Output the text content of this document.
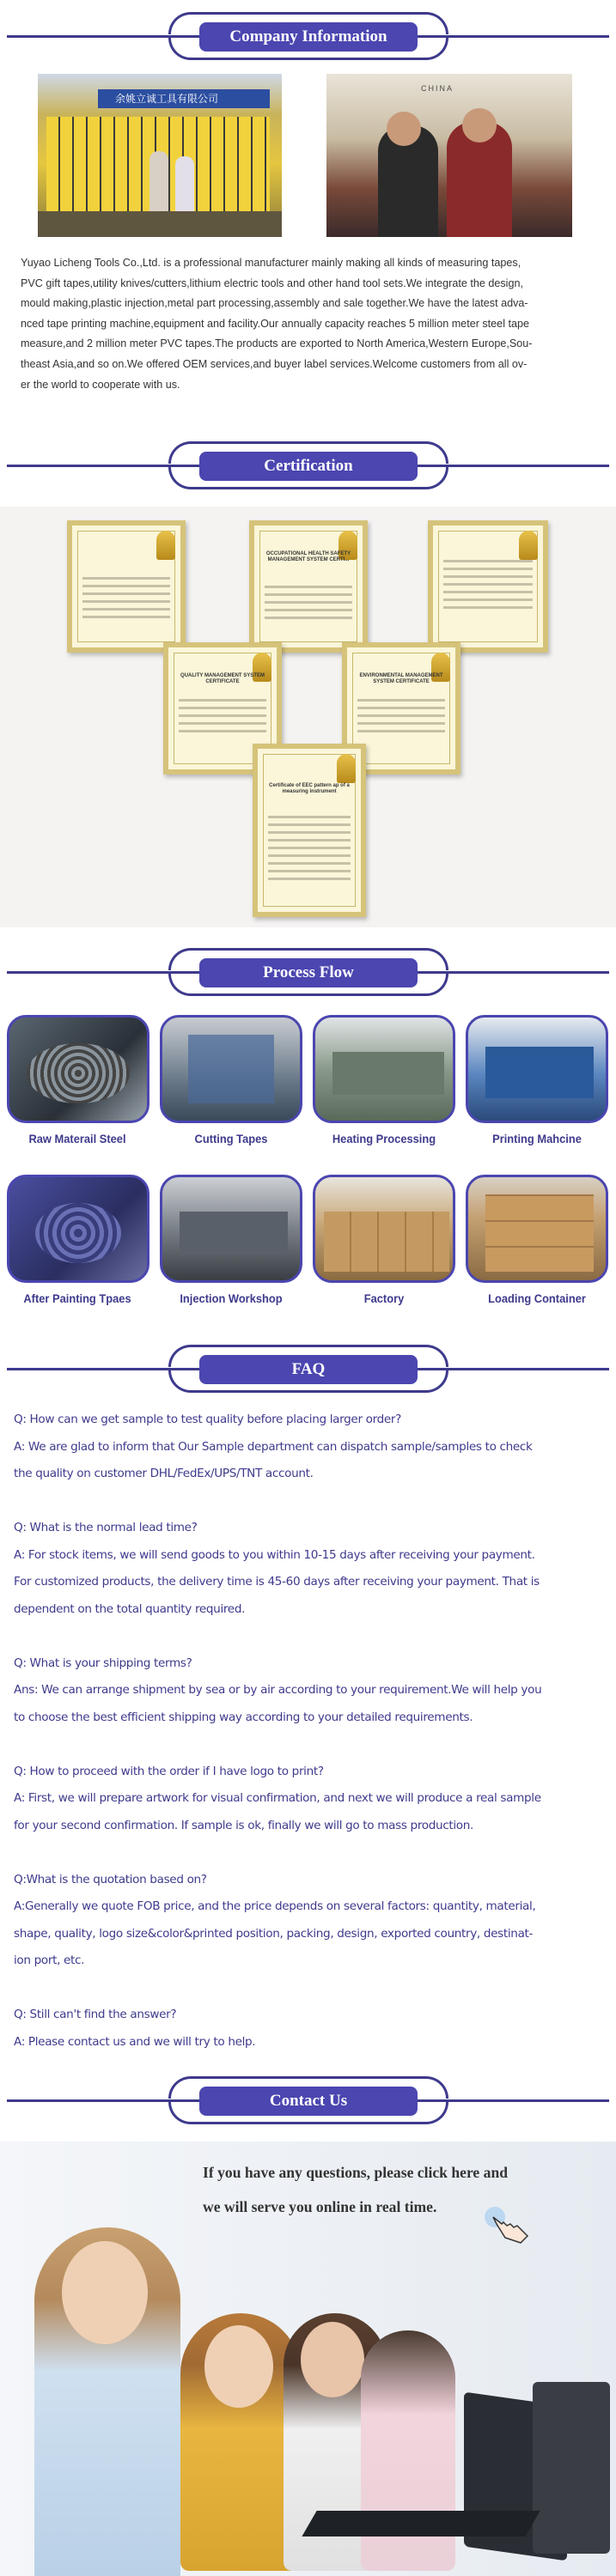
Company Information
余姚立诚工具有限公司
CHINA
Yuyao Licheng Tools Co.,Ltd. is a professional manufacturer mainly making all kinds of measuring tapes,
PVC gift tapes,utility knives/cutters,lithium electric tools and other hand tool sets.We integrate the design,
mould making,plastic injection,metal part processing,assembly and sale together.We have the latest adva-
nced tape printing machine,equipment and facility.Our annually capacity reaches 5 million meter steel tape
measure,and 2 million meter PVC tapes.The products are exported to North America,Western Europe,Sou-
theast Asia,and so on.We offered OEM services,and buyer label services.Welcome customers from all ov-
er the world to cooperate with us.
Certification
OCCUPATIONAL HEALTH SAFETY MANAGEMENT SYSTEM CERTI...
QUALITY MANAGEMENT SYSTEM CERTIFICATE
ENVIRONMENTAL MANAGEMENT SYSTEM CERTIFICATE
Certificate of EEC pattern ap of a measuring instrument
Process Flow
Raw Materail Steel	Cutting Tapes	Heating Processing	Printing Mahcine
After Painting Tpaes	Injection Workshop	Factory	Loading Container
FAQ

Q: How can we get sample to test quality before placing larger order?

A: We are glad to inform that Our Sample department can dispatch sample/samples to check

the quality on customer DHL/FedEx/UPS/TNT account.

Q: What is the normal lead time?

A: For stock items, we will send goods to you within 10-15 days after receiving your payment.

For customized products, the delivery time is 45-60 days after receiving your payment. That is

dependent on the total quantity required.

Q: What is your shipping terms?

Ans: We can arrange shipment by sea or by air according to your requirement.We will help you

to choose the best efficient shipping way according to your detailed requirements.

Q: How to proceed with the order if I have logo to print?

A: First, we will prepare artwork for visual confirmation, and next we will produce a real sample

for your second confirmation. If sample is ok, finally we will go to mass production.

Q:What is the quotation based on?

A:Generally we quote FOB price, and the price depends on several factors: quantity, material,

shape, quality, logo size&color&printed position, packing, design, exported country, destinat-

ion port, etc.

Q: Still can't find the answer?

A: Please contact us and we will try to help.

Contact Us
If you have any questions, please click here and
we will serve you online in real time.
